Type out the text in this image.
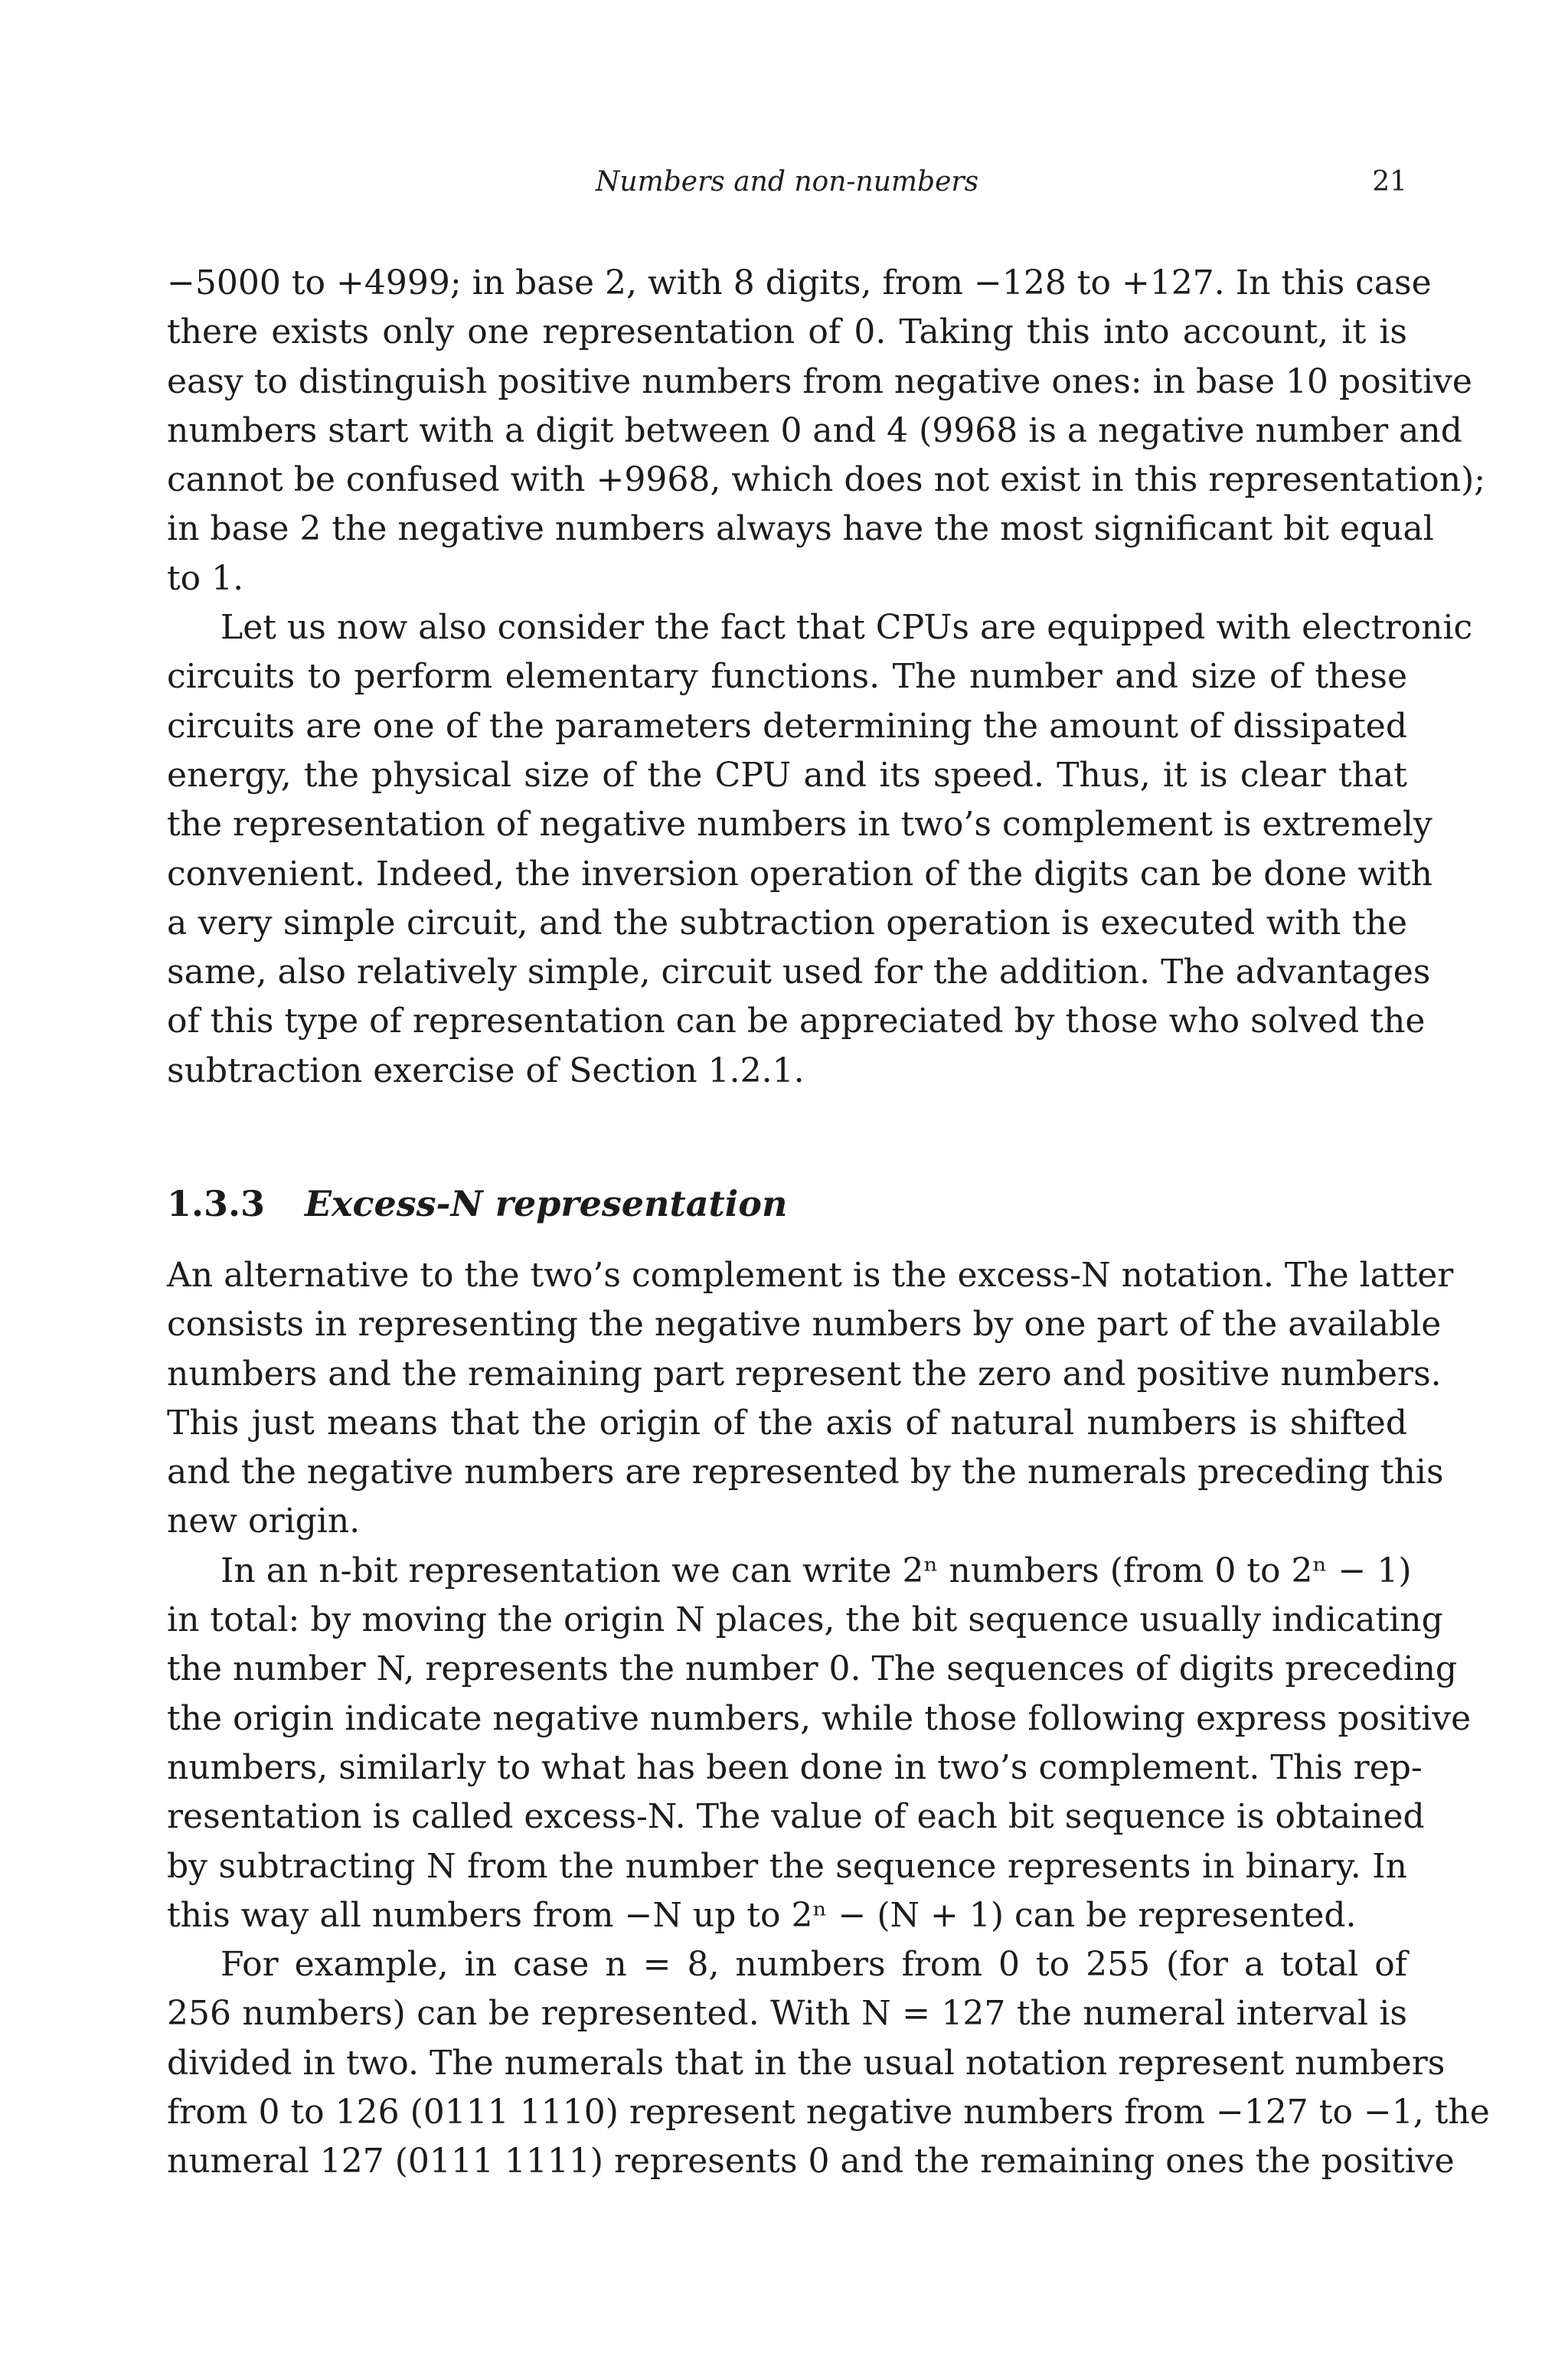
Numbers and non-numbers	21
−5000 to +4999; in base 2, with 8 digits, from −128 to +127. In this case
there exists only one representation of 0. Taking this into account, it is
easy to distinguish positive numbers from negative ones: in base 10 positive
numbers start with a digit between 0 and 4 (9968 is a negative number and
cannot be confused with +9968, which does not exist in this representation);
in base 2 the negative numbers always have the most significant bit equal
to 1.
Let us now also consider the fact that CPUs are equipped with electronic
circuits to perform elementary functions. The number and size of these
circuits are one of the parameters determining the amount of dissipated
energy, the physical size of the CPU and its speed. Thus, it is clear that
the representation of negative numbers in two’s complement is extremely
convenient. Indeed, the inversion operation of the digits can be done with
a very simple circuit, and the subtraction operation is executed with the
same, also relatively simple, circuit used for the addition. The advantages
of this type of representation can be appreciated by those who solved the
subtraction exercise of Section 1.2.1.
1.3.3 Excess-N representation
An alternative to the two’s complement is the excess-N notation. The latter
consists in representing the negative numbers by one part of the available
numbers and the remaining part represent the zero and positive numbers.
This just means that the origin of the axis of natural numbers is shifted
and the negative numbers are represented by the numerals preceding this
new origin.
In an n-bit representation we can write 2ⁿ numbers (from 0 to 2ⁿ − 1)
in total: by moving the origin N places, the bit sequence usually indicating
the number N, represents the number 0. The sequences of digits preceding
the origin indicate negative numbers, while those following express positive
numbers, similarly to what has been done in two’s complement. This rep-
resentation is called excess-N. The value of each bit sequence is obtained
by subtracting N from the number the sequence represents in binary. In
this way all numbers from −N up to 2ⁿ − (N + 1) can be represented.
For example, in case n = 8, numbers from 0 to 255 (for a total of
256 numbers) can be represented. With N = 127 the numeral interval is
divided in two. The numerals that in the usual notation represent numbers
from 0 to 126 (0111 1110) represent negative numbers from −127 to −1, the
numeral 127 (0111 1111) represents 0 and the remaining ones the positive
